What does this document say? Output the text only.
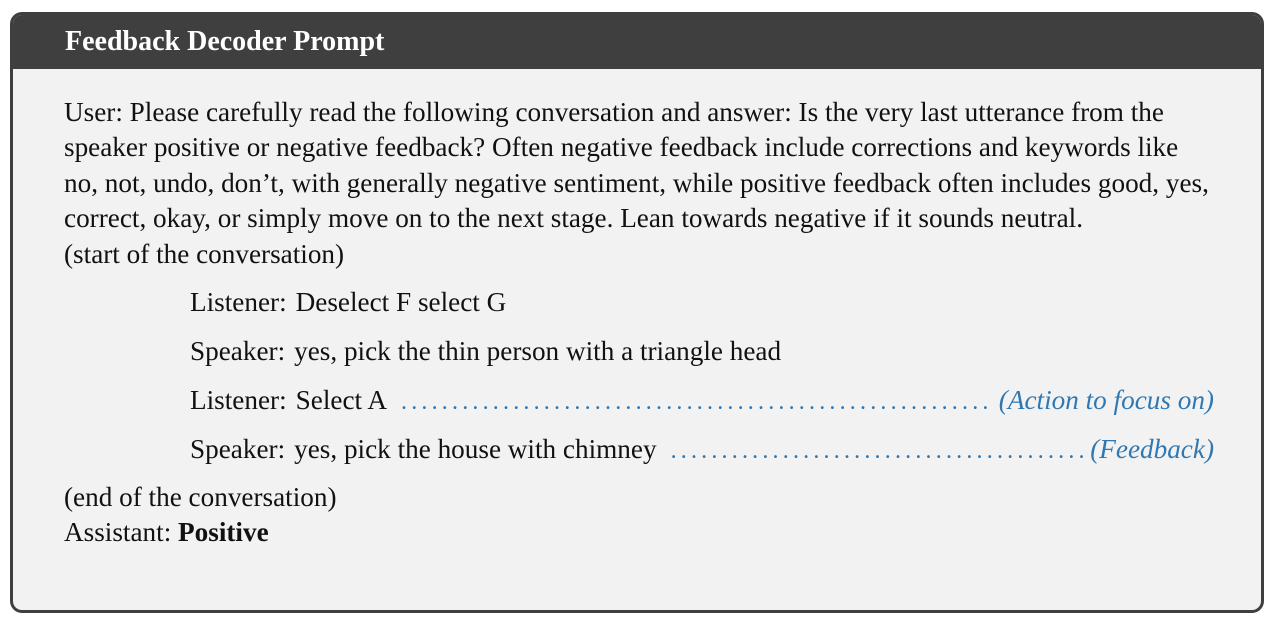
Feedback Decoder Prompt

User: Please carefully read the following conversation and answer: Is the very last utterance from the speaker positive or negative feedback? Often negative feedback include corrections and keywords like no, not, undo, don’t, with generally negative sentiment, while positive feedback often includes good, yes, correct, okay, or simply move on to the next stage. Lean towards negative if it sounds neutral.

(start of the conversation)

Listener: Deselect F select G
Speaker: yes, pick the thin person with a triangle head
Listener: Select A .....	(Action to focus on)
Speaker: yes, pick the house with chimney .....	(Feedback)

(end of the conversation)

Assistant: Positive
